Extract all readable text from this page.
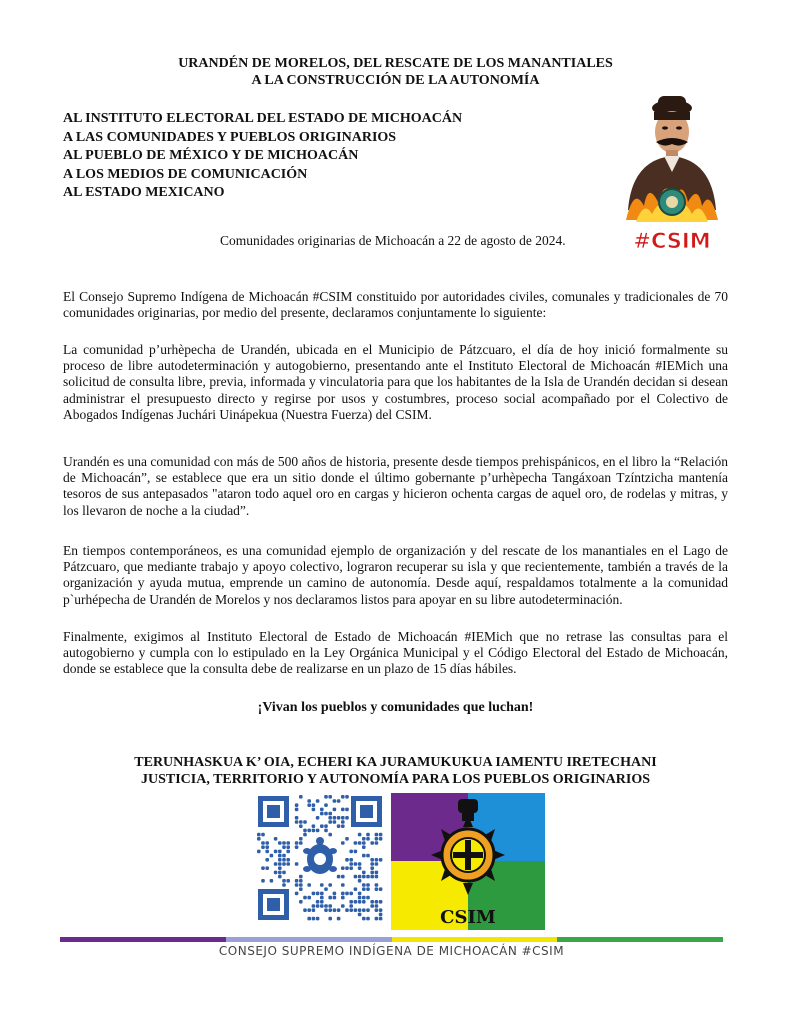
URANDÉN DE MORELOS, DEL RESCATE DE LOS MANANTIALES
A LA CONSTRUCCIÓN DE LA AUTONOMÍA
AL INSTITUTO ELECTORAL DEL ESTADO DE MICHOACÁN
A LAS COMUNIDADES Y PUEBLOS ORIGINARIOS
AL PUEBLO DE MÉXICO Y DE MICHOACÁN
A LOS MEDIOS DE COMUNICACIÓN
AL ESTADO MEXICANO
#CSIM
Comunidades originarias de Michoacán a 22 de agosto de 2024.

El Consejo Supremo Indígena de Michoacán #CSIM constituido por autoridades civiles, comunales y tradicionales de 70 comunidades originarias, por medio del presente, declaramos conjuntamente lo siguiente:

La comunidad p’urhèpecha de Urandén, ubicada en el Municipio de Pátzcuaro, el día de hoy inició formalmente su proceso de libre autodeterminación y autogobierno, presentando ante el Instituto Electoral de Michoacán #IEMich una solicitud de consulta libre, previa, informada y vinculatoria para que los habitantes de la Isla de Urandén decidan si desean administrar el presupuesto directo y regirse por usos y costumbres, proceso social acompañado por el Colectivo de Abogados Indígenas Juchári Uinápekua (Nuestra Fuerza) del CSIM.

Urandén es una comunidad con más de 500 años de historia, presente desde tiempos prehispánicos, en el libro la “Relación de Michoacán”, se establece que era un sitio donde el último gobernante p’urhèpecha Tangáxoan Tzíntzicha mantenía tesoros de sus antepasados "ataron todo aquel oro en cargas y hicieron ochenta cargas de aquel oro, de rodelas y mitras, y los llevaron de noche a la ciudad”.

En tiempos contemporáneos, es una comunidad ejemplo de organización y del rescate de los manantiales en el Lago de Pátzcuaro, que mediante trabajo y apoyo colectivo, lograron recuperar su isla y que recientemente, también a través de la organización y ayuda mutua, emprende un camino de autonomía. Desde aquí, respaldamos totalmente a la comunidad p`urhépecha de Urandén de Morelos y nos declaramos listos para apoyar en su libre autodeterminación.

Finalmente, exigimos al Instituto Electoral de Estado de Michoacán #IEMich que no retrase las consultas para el autogobierno y cumpla con lo estipulado en la Ley Orgánica Municipal y el Código Electoral del Estado de Michoacán, donde se establece que la consulta debe de realizarse en un plazo de 15 días hábiles.

¡Vivan los pueblos y comunidades que luchan!
TERUNHASKUA K’ OIA, ECHERI KA JURAMUKUKUA IAMENTU IRETECHANI
JUSTICIA, TERRITORIO Y AUTONOMÍA PARA LOS PUEBLOS ORIGINARIOS
CSIM
CONSEJO SUPREMO INDÍGENA DE MICHOACÁN #CSIM
